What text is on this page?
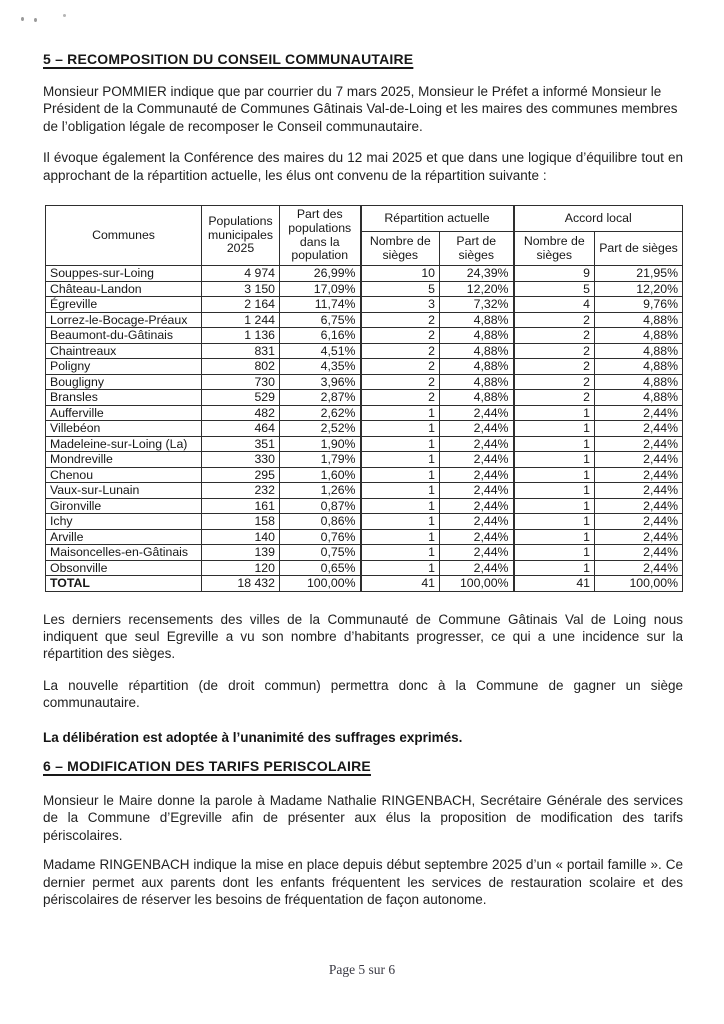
5 – RECOMPOSITION DU CONSEIL COMMUNAUTAIRE
Monsieur POMMIER indique que par courrier du 7 mars 2025, Monsieur le Préfet a informé Monsieur le Président de la Communauté de Communes Gâtinais Val-de-Loing et les maires des communes membres de l’obligation légale de recomposer le Conseil communautaire.
Il évoque également la Conférence des maires du 12 mai 2025 et que dans une logique d’équilibre tout en approchant de la répartition actuelle, les élus ont convenu de la répartition suivante :
Communes	Populations municipales 2025	Part des populations dans la population	Répartition actuelle		Accord local	
			Nombre de sièges	Part de sièges	Nombre de sièges	Part de sièges
Souppes-sur-Loing	4 974	26,99%	10	24,39%	9	21,95%
Château-Landon	3 150	17,09%	5	12,20%	5	12,20%
Égreville	2 164	11,74%	3	7,32%	4	9,76%
Lorrez-le-Bocage-Préaux	1 244	6,75%	2	4,88%	2	4,88%
Beaumont-du-Gâtinais	1 136	6,16%	2	4,88%	2	4,88%
Chaintreaux	831	4,51%	2	4,88%	2	4,88%
Poligny	802	4,35%	2	4,88%	2	4,88%
Bougligny	730	3,96%	2	4,88%	2	4,88%
Bransles	529	2,87%	2	4,88%	2	4,88%
Aufferville	482	2,62%	1	2,44%	1	2,44%
Villebéon	464	2,52%	1	2,44%	1	2,44%
Madeleine-sur-Loing (La)	351	1,90%	1	2,44%	1	2,44%
Mondreville	330	1,79%	1	2,44%	1	2,44%
Chenou	295	1,60%	1	2,44%	1	2,44%
Vaux-sur-Lunain	232	1,26%	1	2,44%	1	2,44%
Gironville	161	0,87%	1	2,44%	1	2,44%
Ichy	158	0,86%	1	2,44%	1	2,44%
Arville	140	0,76%	1	2,44%	1	2,44%
Maisoncelles-en-Gâtinais	139	0,75%	1	2,44%	1	2,44%
Obsonville	120	0,65%	1	2,44%	1	2,44%
TOTAL	18 432	100,00%	41	100,00%	41	100,00%
Les derniers recensements des villes de la Communauté de Commune Gâtinais Val de Loing nous indiquent que seul Egreville a vu son nombre d’habitants progresser, ce qui a une incidence sur la répartition des sièges.
La nouvelle répartition (de droit commun) permettra donc à la Commune de gagner un siège communautaire.
La délibération est adoptée à l’unanimité des suffrages exprimés.
6 – MODIFICATION DES TARIFS PERISCOLAIRE
Monsieur le Maire donne la parole à Madame Nathalie RINGENBACH, Secrétaire Générale des services de la Commune d’Egreville afin de présenter aux élus la proposition de modification des tarifs périscolaires.
Madame RINGENBACH indique la mise en place depuis début septembre 2025 d’un « portail famille ». Ce dernier permet aux parents dont les enfants fréquentent les services de restauration scolaire et des périscolaires de réserver les besoins de fréquentation de façon autonome.
Page 5 sur 6
